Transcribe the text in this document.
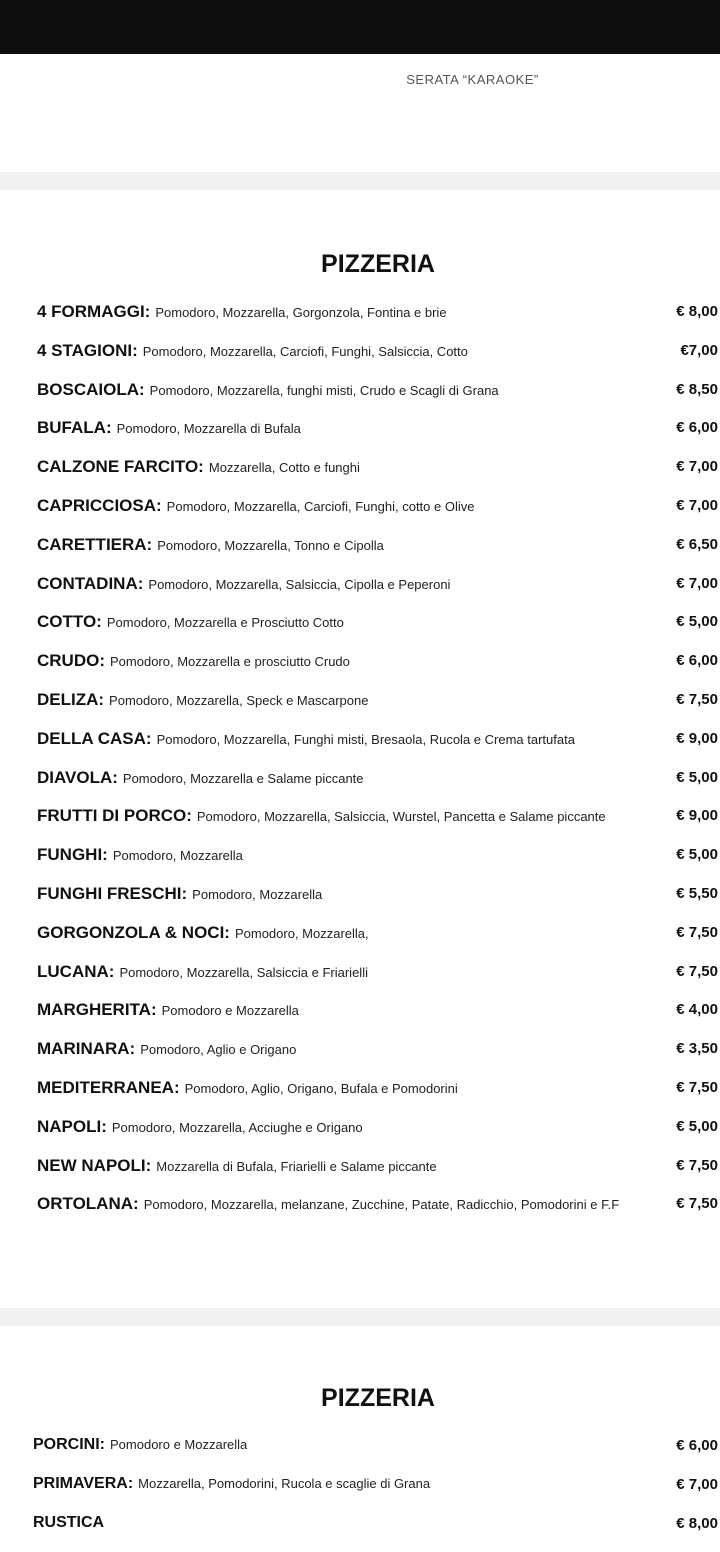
SERATA “KARAOKE”
PIZZERIA
4 FORMAGGI: Pomodoro, Mozzarella, Gorgonzola, Fontina e brie	€ 8,00
4 STAGIONI: Pomodoro, Mozzarella, Carciofi, Funghi, Salsiccia, Cotto	€7,00
BOSCAIOLA: Pomodoro, Mozzarella, funghi misti, Crudo e Scagli di Grana	€ 8,50
BUFALA: Pomodoro, Mozzarella di Bufala	€ 6,00
CALZONE FARCITO: Mozzarella, Cotto e funghi	€ 7,00
CAPRICCIOSA: Pomodoro, Mozzarella, Carciofi, Funghi, cotto e Olive	€ 7,00
CARETTIERA: Pomodoro, Mozzarella, Tonno e Cipolla	€ 6,50
CONTADINA: Pomodoro, Mozzarella, Salsiccia, Cipolla e Peperoni	€ 7,00
COTTO: Pomodoro, Mozzarella e Prosciutto Cotto	€ 5,00
CRUDO: Pomodoro, Mozzarella e prosciutto Crudo	€ 6,00
DELIZA: Pomodoro, Mozzarella, Speck e Mascarpone	€ 7,50
DELLA CASA: Pomodoro, Mozzarella, Funghi misti, Bresaola, Rucola e Crema tartufata	€ 9,00
DIAVOLA: Pomodoro, Mozzarella e Salame piccante	€ 5,00
FRUTTI DI PORCO: Pomodoro, Mozzarella, Salsiccia, Wurstel, Pancetta e Salame piccante	€ 9,00
FUNGHI: Pomodoro, Mozzarella	€ 5,00
FUNGHI FRESCHI: Pomodoro, Mozzarella	€ 5,50
GORGONZOLA & NOCI: Pomodoro, Mozzarella,	€ 7,50
LUCANA: Pomodoro, Mozzarella, Salsiccia e Friarielli	€ 7,50
MARGHERITA: Pomodoro e Mozzarella	€ 4,00
MARINARA: Pomodoro, Aglio e Origano	€ 3,50
MEDITERRANEA: Pomodoro, Aglio, Origano, Bufala e Pomodorini	€ 7,50
NAPOLI: Pomodoro, Mozzarella, Acciughe e Origano	€ 5,00
NEW NAPOLI: Mozzarella di Bufala, Friarielli e Salame piccante	€ 7,50
ORTOLANA: Pomodoro, Mozzarella, melanzane, Zucchine, Patate, Radicchio, Pomodorini e F.F	€ 7,50
PIZZERIA
PORCINI: Pomodoro e Mozzarella	€ 6,00
PRIMAVERA: Mozzarella, Pomodorini, Rucola e scaglie di Grana	€ 7,00
RUSTICA	€ 8,00
